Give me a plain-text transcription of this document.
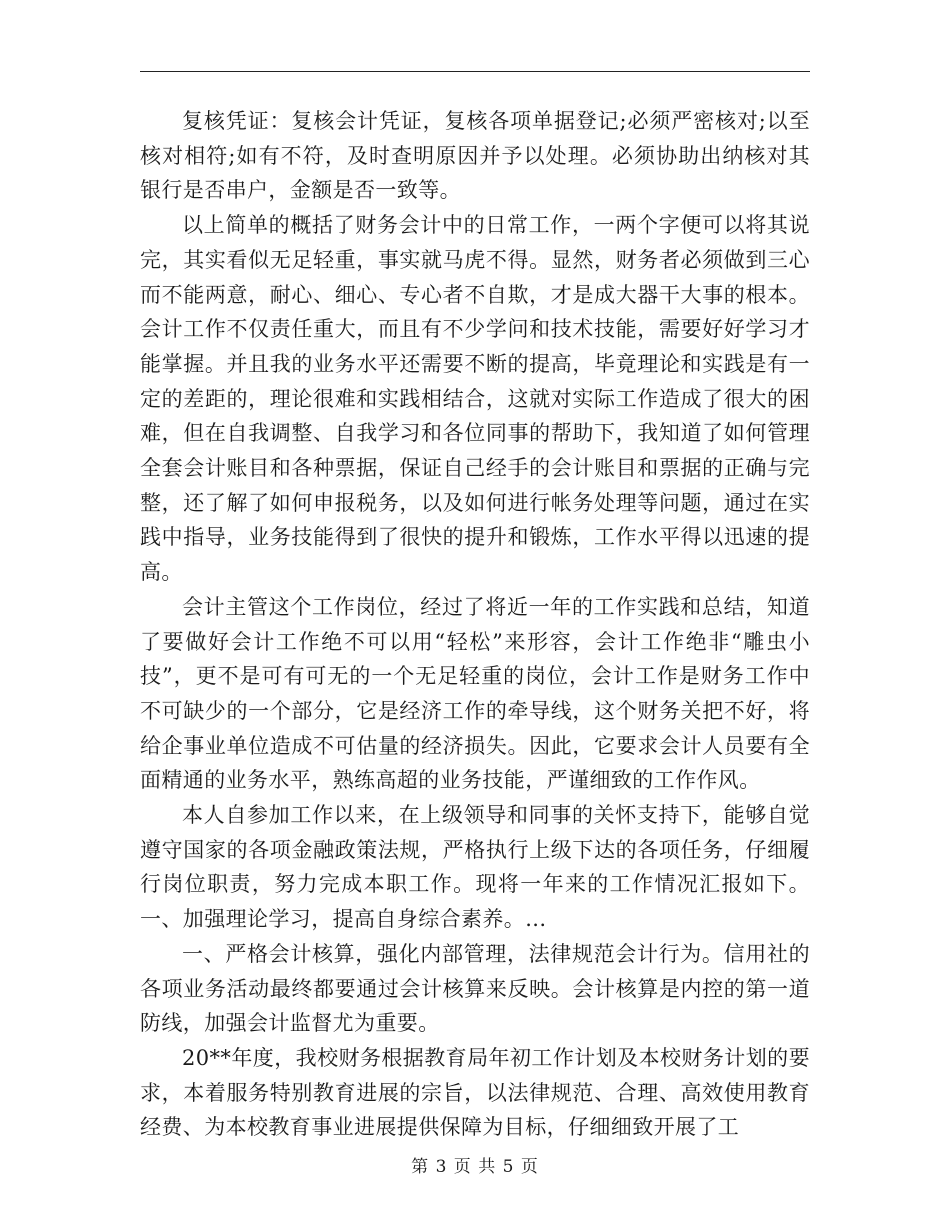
复核凭证：复核会计凭证，复核各项单据登记;必须严密核对;以至核对相符;如有不符，及时查明原因并予以处理。必须协助出纳核对其银行是否串户，金额是否一致等。

以上简单的概括了财务会计中的日常工作，一两个字便可以将其说完，其实看似无足轻重，事实就马虎不得。显然，财务者必须做到三心而不能两意，耐心、细心、专心者不自欺，才是成大器干大事的根本。会计工作不仅责任重大，而且有不少学问和技术技能，需要好好学习才能掌握。并且我的业务水平还需要不断的提高，毕竟理论和实践是有一定的差距的，理论很难和实践相结合，这就对实际工作造成了很大的困难，但在自我调整、自我学习和各位同事的帮助下，我知道了如何管理全套会计账目和各种票据，保证自己经手的会计账目和票据的正确与完整，还了解了如何申报税务，以及如何进行帐务处理等问题，通过在实践中指导，业务技能得到了很快的提升和锻炼，工作水平得以迅速的提高。

会计主管这个工作岗位，经过了将近一年的工作实践和总结，知道了要做好会计工作绝不可以用“轻松”来形容，会计工作绝非“雕虫小技”，更不是可有可无的一个无足轻重的岗位，会计工作是财务工作中不可缺少的一个部分，它是经济工作的牵导线，这个财务关把不好，将给企事业单位造成不可估量的经济损失。因此，它要求会计人员要有全面精通的业务水平，熟练高超的业务技能，严谨细致的工作作风。

本人自参加工作以来，在上级领导和同事的关怀支持下，能够自觉遵守国家的各项金融政策法规，严格执行上级下达的各项任务，仔细履行岗位职责，努力完成本职工作。现将一年来的工作情况汇报如下。一、加强理论学习，提高自身综合素养。...

一、严格会计核算，强化内部管理，法律规范会计行为。信用社的各项业务活动最终都要通过会计核算来反映。会计核算是内控的第一道防线，加强会计监督尤为重要。

20**年度，我校财务根据教育局年初工作计划及本校财务计划的要求，本着服务特别教育进展的宗旨，以法律规范、合理、高效使用教育经费、为本校教育事业进展提供保障为目标，仔细细致开展了工

第 3 页 共 5 页
